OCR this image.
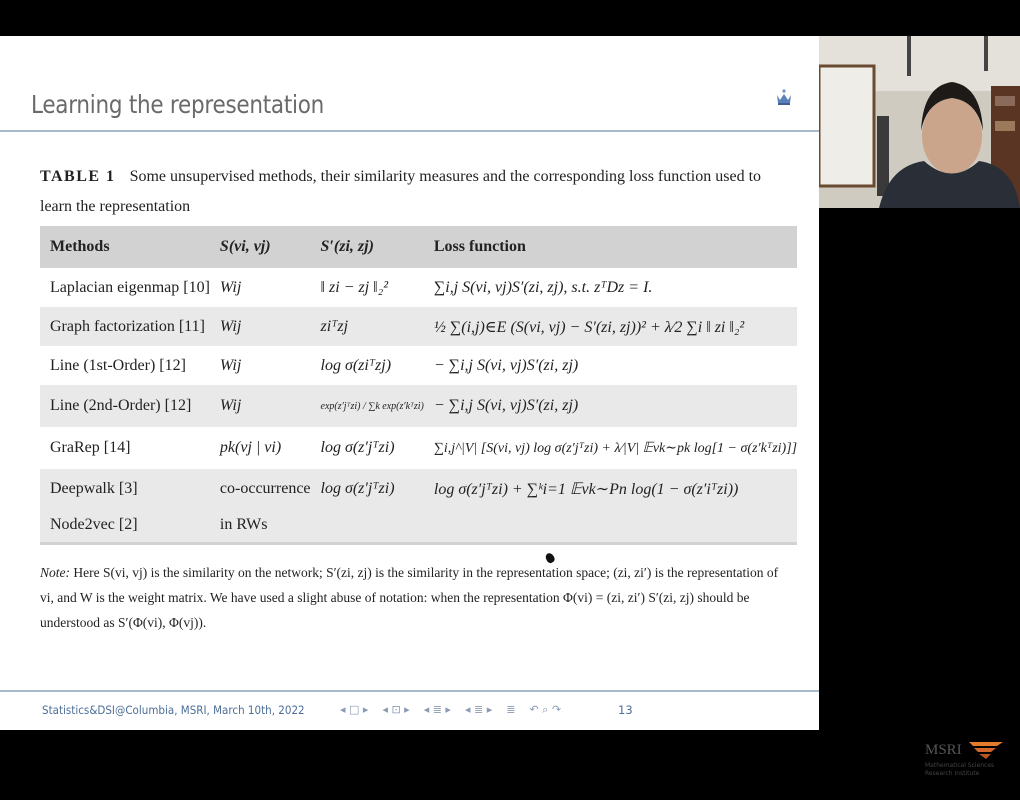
Learning the representation
TABLE 1 Some unsupervised methods, their similarity measures and the corresponding loss function used to learn the representation
Methods	S(vi, vj)	S′(zi, zj)	Loss function
Laplacian eigenmap [10]	Wij	‖ zi − zj ‖₂²	∑i,j S(vi, vj)S′(zi, zj), s.t. zᵀDz = I.
Graph factorization [11]	Wij	ziᵀzj	½ ∑(i,j)∈E (S(vi, vj) − S′(zi, zj))² + λ⁄2 ∑i ‖ zi ‖₂²
Line (1st-Order) [12]	Wij	log σ(ziᵀzj)	− ∑i,j S(vi, vj)S′(zi, zj)
Line (2nd-Order) [12]	Wij	exp(z′jᵀzi) / ∑k exp(z′kᵀzi)	− ∑i,j S(vi, vj)S′(zi, zj)
GraRep [14]	pk(vj | vi)	log σ(z′jᵀzi)	∑i,j^|V| [S(vi, vj) log σ(z′jᵀzi) + λ⁄|V| 𝔼vk∼pk log[1 − σ(z′kᵀzi)]]
Deepwalk [3]	co-occurrence	log σ(z′jᵀzi)	log σ(z′jᵀzi) + ∑ᵏi=1 𝔼vk∼Pn log(1 − σ(z′iᵀzi))
Node2vec [2]	in RWs		

Note: Here S(vi, vj) is the similarity on the network; S′(zi, zj) is the similarity in the representation space; (zi, zi′) is the representation of vi, and W is the weight matrix. We have used a slight abuse of notation: when the representation Φ(vi) = (zi, zi′) S′(zi, zj) should be understood as S′(Φ(vi), Φ(vj)).
Statistics&DSI@Columbia, MSRI, March 10th, 2022	◂ □ ▸ ◂ ⊡ ▸ ◂ ≣ ▸ ◂ ≣ ▸ ≣ ↶ ⌕ ↷	13
MSRI
Mathematical Sciences Research Institute
